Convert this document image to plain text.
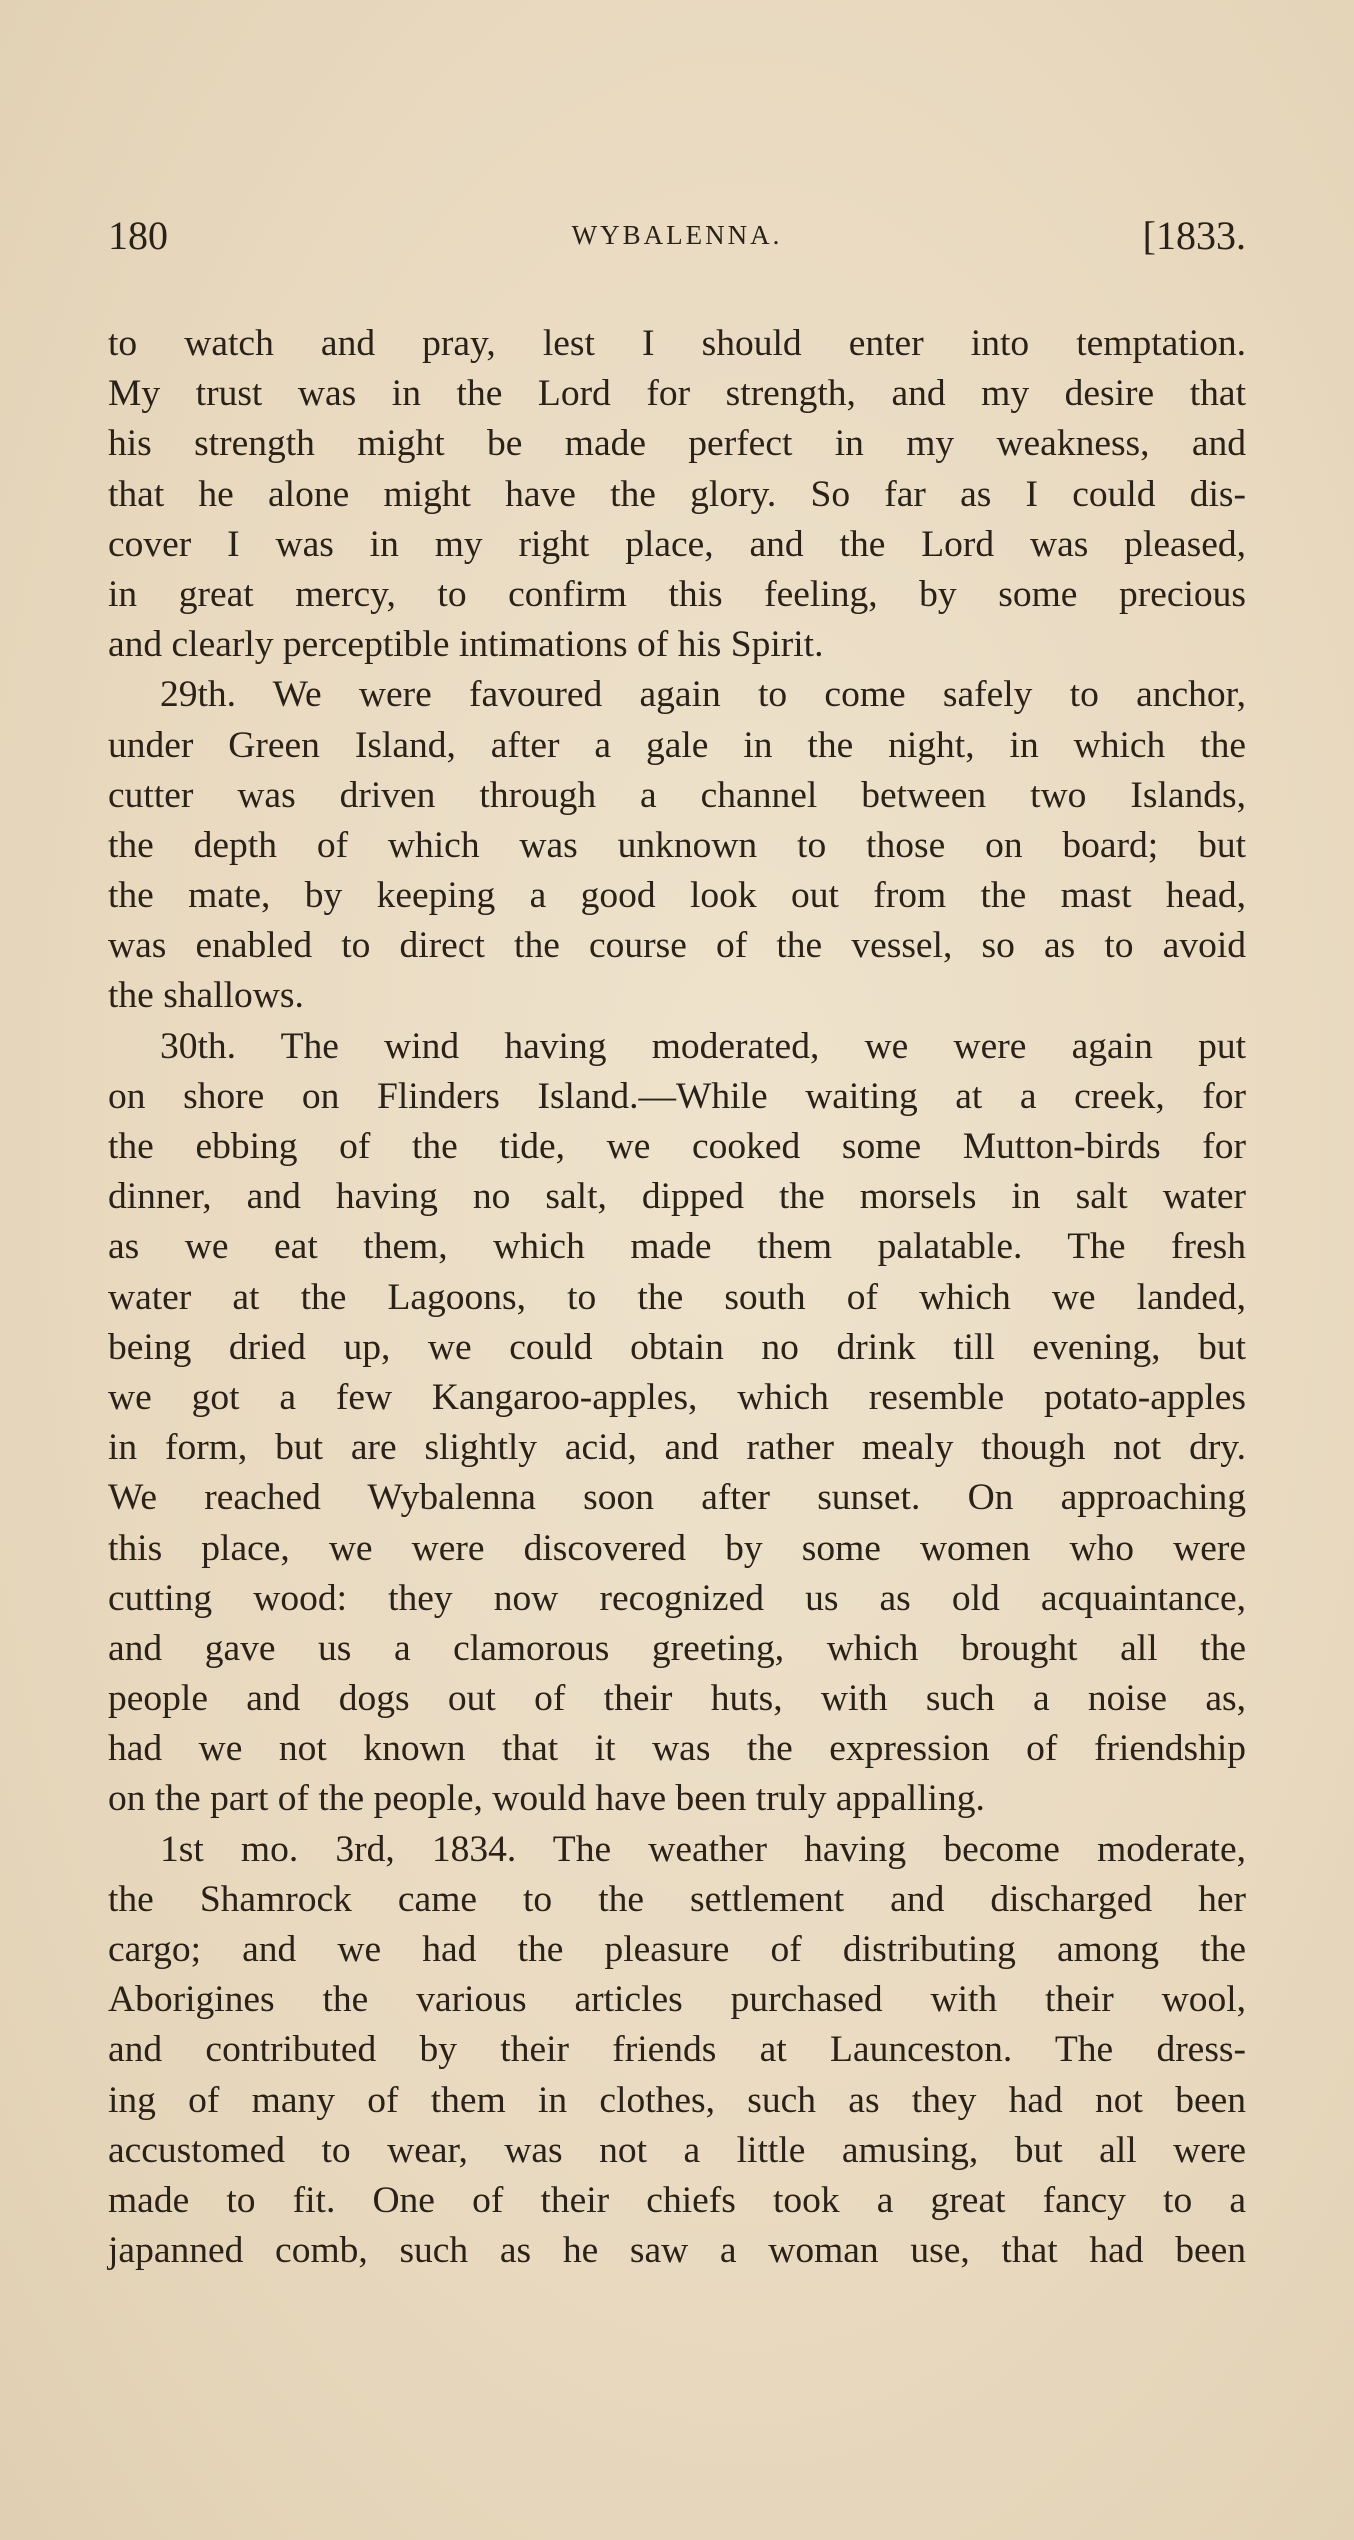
180	WYBALENNA.	[1833.
to watch and pray, lest I should enter into temptation.
My trust was in the Lord for strength, and my desire that
his strength might be made perfect in my weakness, and
that he alone might have the glory. So far as I could dis-
cover I was in my right place, and the Lord was pleased,
in great mercy, to confirm this feeling, by some precious
and clearly perceptible intimations of his Spirit.
29th. We were favoured again to come safely to anchor,
under Green Island, after a gale in the night, in which the
cutter was driven through a channel between two Islands,
the depth of which was unknown to those on board; but
the mate, by keeping a good look out from the mast head,
was enabled to direct the course of the vessel, so as to avoid
the shallows.
30th. The wind having moderated, we were again put
on shore on Flinders Island.—While waiting at a creek, for
the ebbing of the tide, we cooked some Mutton-birds for
dinner, and having no salt, dipped the morsels in salt water
as we eat them, which made them palatable. The fresh
water at the Lagoons, to the south of which we landed,
being dried up, we could obtain no drink till evening, but
we got a few Kangaroo-apples, which resemble potato-apples
in form, but are slightly acid, and rather mealy though not dry.
We reached Wybalenna soon after sunset. On approaching
this place, we were discovered by some women who were
cutting wood: they now recognized us as old acquaintance,
and gave us a clamorous greeting, which brought all the
people and dogs out of their huts, with such a noise as,
had we not known that it was the expression of friendship
on the part of the people, would have been truly appalling.
1st mo. 3rd, 1834. The weather having become moderate,
the Shamrock came to the settlement and discharged her
cargo; and we had the pleasure of distributing among the
Aborigines the various articles purchased with their wool,
and contributed by their friends at Launceston. The dress-
ing of many of them in clothes, such as they had not been
accustomed to wear, was not a little amusing, but all were
made to fit. One of their chiefs took a great fancy to a
japanned comb, such as he saw a woman use, that had been
